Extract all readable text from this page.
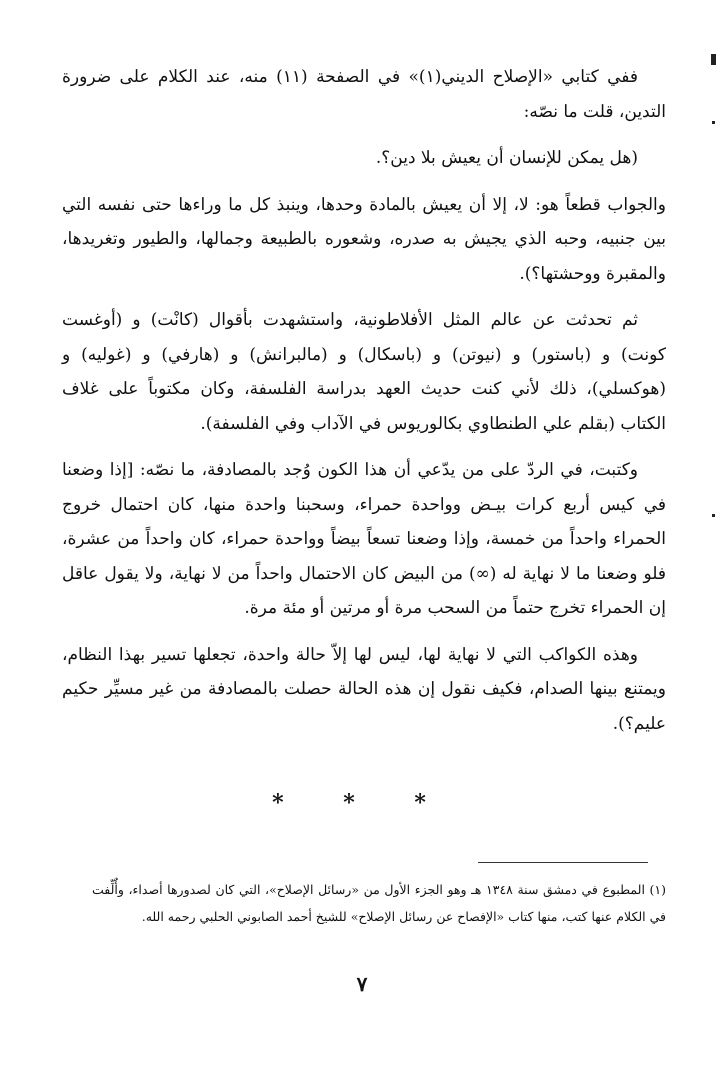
ففي كتابي «الإصلاح الديني(١)» في الصفحة (١١) منه، عند الكلام على ضرورة التدين، قلت ما نصّه:

(هل يمكن للإنسان أن يعيش بلا دين؟.

والجواب قطعاً هو: لا، إلا أن يعيش بالمادة وحدها، وينبذ كل ما وراءها حتى نفسه التي بين جنبيه، وحبه الذي يجيش به صدره، وشعوره بالطبيعة وجمالها، والطيور وتغريدها، والمقبرة ووحشتها؟).

ثم تحدثت عن عالم المثل الأفلاطونية، واستشهدت بأقوال (كانْت) و (أوغست كونت) و (باستور) و (نيوتن) و (باسكال) و (مالبرانش) و (هارفي) و (غوليه) و (هوكسلي)، ذلك لأني كنت حديث العهد بدراسة الفلسفة، وكان مكتوباً على غلاف الكتاب (بقلم علي الطنطاوي بكالوريوس في الآداب وفي الفلسفة).

وكتبت، في الردّ على من يدّعي أن هذا الكون وُجد بالمصادفة، ما نصّه: [إذا وضعنا في كيس أربع كرات بيـض وواحدة حمراء، وسحبنا واحدة منها، كان احتمال خروج الحمراء واحداً من خمسة، وإذا وضعنا تسعاً بيضاً وواحدة حمراء، كان واحداً من عشرة، فلو وضعنا ما لا نهاية له (∞) من البيض كان الاحتمال واحداً من لا نهاية، ولا يقول عاقل إن الحمراء تخرج حتماً من السحب مرة أو مرتين أو مئة مرة.

وهذه الكواكب التي لا نهاية لها، ليس لها إلاّ حالة واحدة، تجعلها تسير بهذا النظام، ويمتنع بينها الصدام، فكيف نقول إن هذه الحالة حصلت بالمصادفة من غير مسيِّر حكيم عليم؟).

* * *
(١) المطبوع في دمشق سنة ١٣٤٨ هـ وهو الجزء الأول من «رسائل الإصلاح»، التي كان لصدورها أصداء، وأُلِّفت في الكلام عنها كتب، منها كتاب «الإفصاح عن رسائل الإصلاح» للشيخ أحمد الصابوني الحلبي رحمه الله.
٧
